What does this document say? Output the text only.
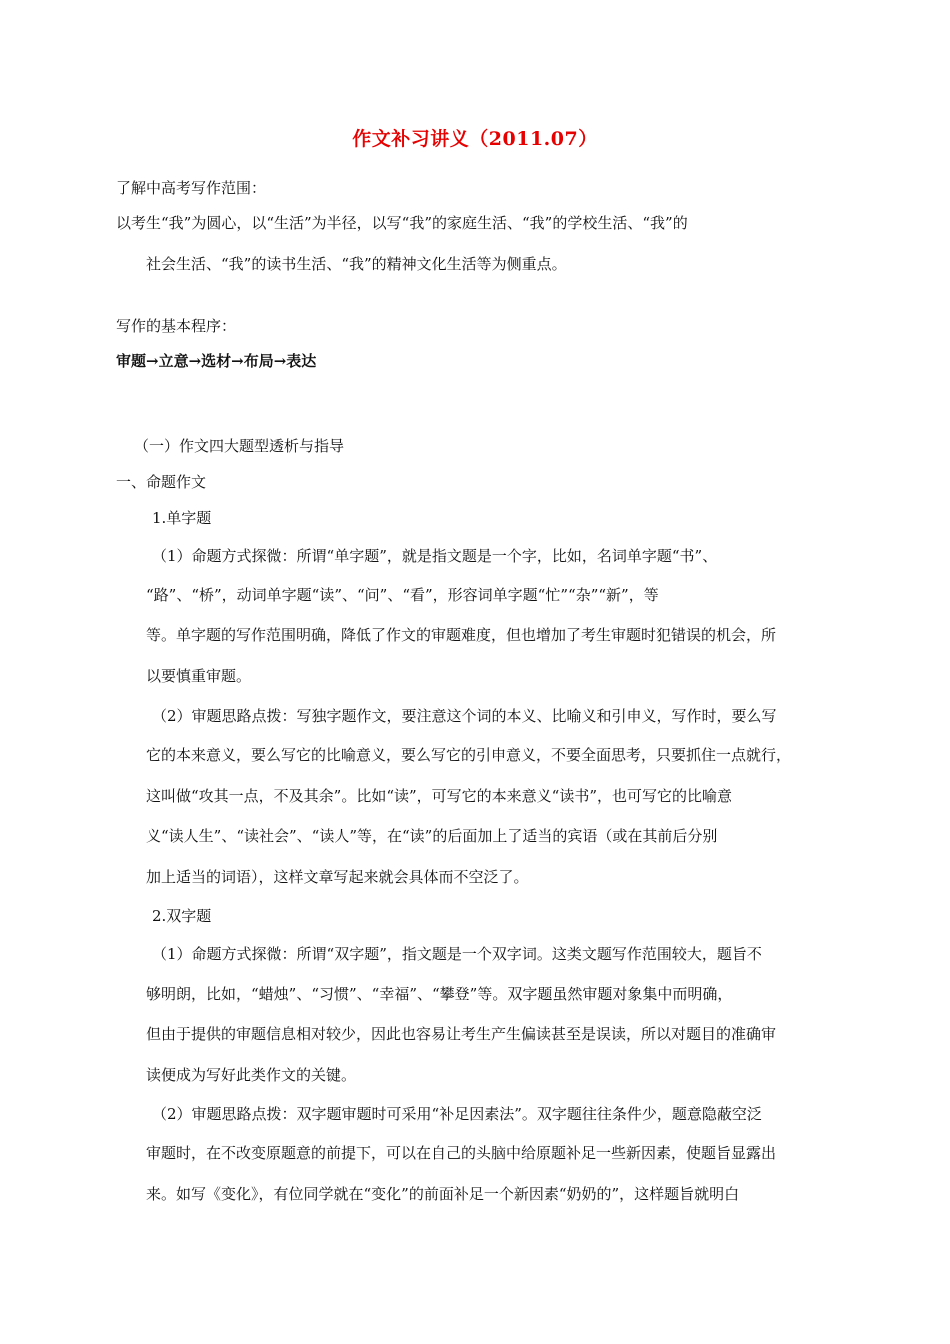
作文补习讲义（2011.07）
了解中高考写作范围：
以考生“我”为圆心，以“生活”为半径，以写“我”的家庭生活、“我”的学校生活、“我”的
社会生活、“我”的读书生活、“我”的精神文化生活等为侧重点。
写作的基本程序：
审题→立意→选材→布局→表达
（一）作文四大题型透析与指导
一、命题作文
1.单字题
（1）命题方式探微：所谓“单字题”，就是指文题是一个字，比如，名词单字题“书”、
“路”、“桥”，动词单字题“读”、“问”、“看”，形容词单字题“忙”“杂”“新”，等
等。单字题的写作范围明确，降低了作文的审题难度，但也增加了考生审题时犯错误的机会，所
以要慎重审题。
（2）审题思路点拨：写独字题作文，要注意这个词的本义、比喻义和引申义，写作时，要么写
它的本来意义，要么写它的比喻意义，要么写它的引申意义，不要全面思考，只要抓住一点就行，
这叫做“攻其一点，不及其余”。比如“读”，可写它的本来意义“读书”，也可写它的比喻意
义“读人生”、“读社会”、“读人”等，在“读”的后面加上了适当的宾语（或在其前后分别
加上适当的词语），这样文章写起来就会具体而不空泛了。
2.双字题
（1）命题方式探微：所谓“双字题”，指文题是一个双字词。这类文题写作范围较大，题旨不
够明朗，比如，“蜡烛”、“习惯”、“幸福”、“攀登”等。双字题虽然审题对象集中而明确，
但由于提供的审题信息相对较少，因此也容易让考生产生偏读甚至是误读，所以对题目的准确审
读便成为写好此类作文的关键。
（2）审题思路点拨：双字题审题时可采用“补足因素法”。双字题往往条件少，题意隐蔽空泛
审题时，在不改变原题意的前提下，可以在自己的头脑中给原题补足一些新因素，使题旨显露出
来。如写《变化》，有位同学就在“变化”的前面补足一个新因素“奶奶的”，这样题旨就明白
